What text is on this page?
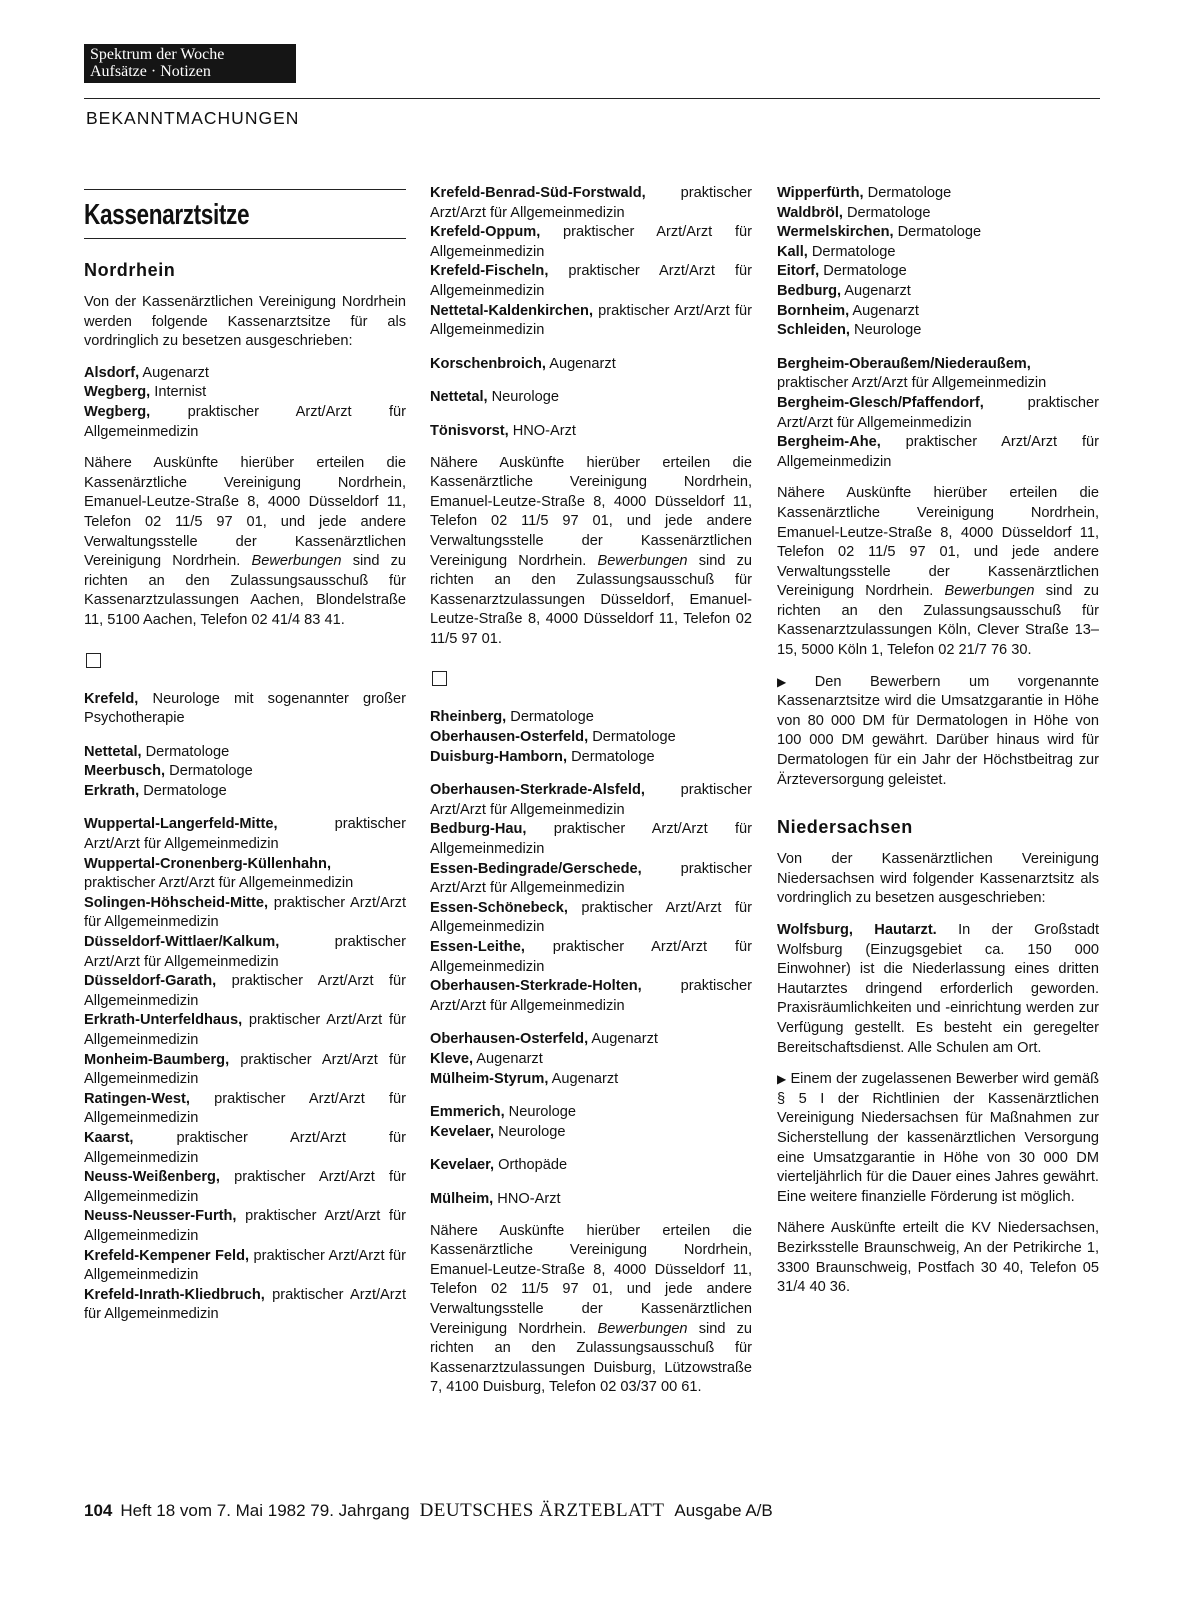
Spektrum der Woche
Aufsätze · Notizen
BEKANNTMACHUNGEN
Kassenarztsitze

Nordrhein

Von der Kassenärztlichen Vereinigung Nordrhein werden folgende Kassenarztsitze für als vordringlich zu besetzen ausgeschrieben:

Alsdorf, Augenarzt

Wegberg, Internist

Wegberg, praktischer Arzt/Arzt für Allgemeinmedizin

Nähere Auskünfte hierüber erteilen die Kassenärztliche Vereinigung Nordrhein, Emanuel-Leutze-Straße 8, 4000 Düsseldorf 11, Telefon 02 11/5 97 01, und jede andere Verwaltungsstelle der Kassenärztlichen Vereinigung Nordrhein. Bewerbungen sind zu richten an den Zulassungsausschuß für Kassenarztzulassungen Aachen, Blondelstraße 11, 5100 Aachen, Telefon 02 41/4 83 41.

Krefeld, Neurologe mit sogenannter großer Psychotherapie

Nettetal, Dermatologe

Meerbusch, Dermatologe

Erkrath, Dermatologe

Wuppertal-Langerfeld-Mitte, praktischer Arzt/Arzt für Allgemeinmedizin

Wuppertal-Cronenberg-Küllenhahn, praktischer Arzt/Arzt für Allgemeinmedizin

Solingen-Höhscheid-Mitte, praktischer Arzt/Arzt für Allgemeinmedizin

Düsseldorf-Wittlaer/Kalkum, praktischer Arzt/Arzt für Allgemeinmedizin

Düsseldorf-Garath, praktischer Arzt/Arzt für Allgemeinmedizin

Erkrath-Unterfeldhaus, praktischer Arzt/Arzt für Allgemeinmedizin

Monheim-Baumberg, praktischer Arzt/Arzt für Allgemeinmedizin

Ratingen-West, praktischer Arzt/Arzt für Allgemeinmedizin

Kaarst, praktischer Arzt/Arzt für Allgemeinmedizin

Neuss-Weißenberg, praktischer Arzt/Arzt für Allgemeinmedizin

Neuss-Neusser-Furth, praktischer Arzt/Arzt für Allgemeinmedizin

Krefeld-Kempener Feld, praktischer Arzt/Arzt für Allgemeinmedizin

Krefeld-Inrath-Kliedbruch, praktischer Arzt/Arzt für Allgemeinmedizin

Krefeld-Benrad-Süd-Forstwald, praktischer Arzt/Arzt für Allgemeinmedizin

Krefeld-Oppum, praktischer Arzt/Arzt für Allgemeinmedizin

Krefeld-Fischeln, praktischer Arzt/Arzt für Allgemeinmedizin

Nettetal-Kaldenkirchen, praktischer Arzt/Arzt für Allgemeinmedizin

Korschenbroich, Augenarzt

Nettetal, Neurologe

Tönisvorst, HNO-Arzt

Nähere Auskünfte hierüber erteilen die Kassenärztliche Vereinigung Nordrhein, Emanuel-Leutze-Straße 8, 4000 Düsseldorf 11, Telefon 02 11/5 97 01, und jede andere Verwaltungsstelle der Kassenärztlichen Vereinigung Nordrhein. Bewerbungen sind zu richten an den Zulassungsausschuß für Kassenarztzulassungen Düsseldorf, Emanuel-Leutze-Straße 8, 4000 Düsseldorf 11, Telefon 02 11/5 97 01.

Rheinberg, Dermatologe

Oberhausen-Osterfeld, Dermatologe

Duisburg-Hamborn, Dermatologe

Oberhausen-Sterkrade-Alsfeld, praktischer Arzt/Arzt für Allgemeinmedizin

Bedburg-Hau, praktischer Arzt/Arzt für Allgemeinmedizin

Essen-Bedingrade/Gerschede, praktischer Arzt/Arzt für Allgemeinmedizin

Essen-Schönebeck, praktischer Arzt/Arzt für Allgemeinmedizin

Essen-Leithe, praktischer Arzt/Arzt für Allgemeinmedizin

Oberhausen-Sterkrade-Holten, praktischer Arzt/Arzt für Allgemeinmedizin

Oberhausen-Osterfeld, Augenarzt

Kleve, Augenarzt

Mülheim-Styrum, Augenarzt

Emmerich, Neurologe

Kevelaer, Neurologe

Kevelaer, Orthopäde

Mülheim, HNO-Arzt

Nähere Auskünfte hierüber erteilen die Kassenärztliche Vereinigung Nordrhein, Emanuel-Leutze-Straße 8, 4000 Düsseldorf 11, Telefon 02 11/5 97 01, und jede andere Verwaltungsstelle der Kassenärztlichen Vereinigung Nordrhein. Bewerbungen sind zu richten an den Zulassungsausschuß für Kassenarztzulassungen Duisburg, Lützowstraße 7, 4100 Duisburg, Telefon 02 03/37 00 61.

Wipperfürth, Dermatologe

Waldbröl, Dermatologe

Wermelskirchen, Dermatologe

Kall, Dermatologe

Eitorf, Dermatologe

Bedburg, Augenarzt

Bornheim, Augenarzt

Schleiden, Neurologe

Bergheim-Oberaußem/Niederaußem, praktischer Arzt/Arzt für Allgemeinmedizin

Bergheim-Glesch/Pfaffendorf, praktischer Arzt/Arzt für Allgemeinmedizin

Bergheim-Ahe, praktischer Arzt/Arzt für Allgemeinmedizin

Nähere Auskünfte hierüber erteilen die Kassenärztliche Vereinigung Nordrhein, Emanuel-Leutze-Straße 8, 4000 Düsseldorf 11, Telefon 02 11/5 97 01, und jede andere Verwaltungsstelle der Kassenärztlichen Vereinigung Nordrhein. Bewerbungen sind zu richten an den Zulassungsausschuß für Kassenarztzulassungen Köln, Clever Straße 13–15, 5000 Köln 1, Telefon 02 21/7 76 30.

▶ Den Bewerbern um vorgenannte Kassenarztsitze wird die Umsatzgarantie in Höhe von 80 000 DM für Dermatologen in Höhe von 100 000 DM gewährt. Darüber hinaus wird für Dermatologen für ein Jahr der Höchstbeitrag zur Ärzteversorgung geleistet.

Niedersachsen

Von der Kassenärztlichen Vereinigung Niedersachsen wird folgender Kassenarztsitz als vordringlich zu besetzen ausgeschrieben:

Wolfsburg, Hautarzt. In der Großstadt Wolfsburg (Einzugsgebiet ca. 150 000 Einwohner) ist die Niederlassung eines dritten Hautarztes dringend erforderlich geworden. Praxisräumlichkeiten und -einrichtung werden zur Verfügung gestellt. Es besteht ein geregelter Bereitschaftsdienst. Alle Schulen am Ort.

▶ Einem der zugelassenen Bewerber wird gemäß § 5 I der Richtlinien der Kassenärztlichen Vereinigung Niedersachsen für Maßnahmen zur Sicherstellung der kassenärztlichen Versorgung eine Umsatzgarantie in Höhe von 30 000 DM vierteljährlich für die Dauer eines Jahres gewährt. Eine weitere finanzielle Förderung ist möglich.

Nähere Auskünfte erteilt die KV Niedersachsen, Bezirksstelle Braunschweig, An der Petrikirche 1, 3300 Braunschweig, Postfach 30 40, Telefon 05 31/4 40 36.

104 Heft 18 vom 7. Mai 1982 79. Jahrgang DEUTSCHES ÄRZTEBLATT Ausgabe A/B
